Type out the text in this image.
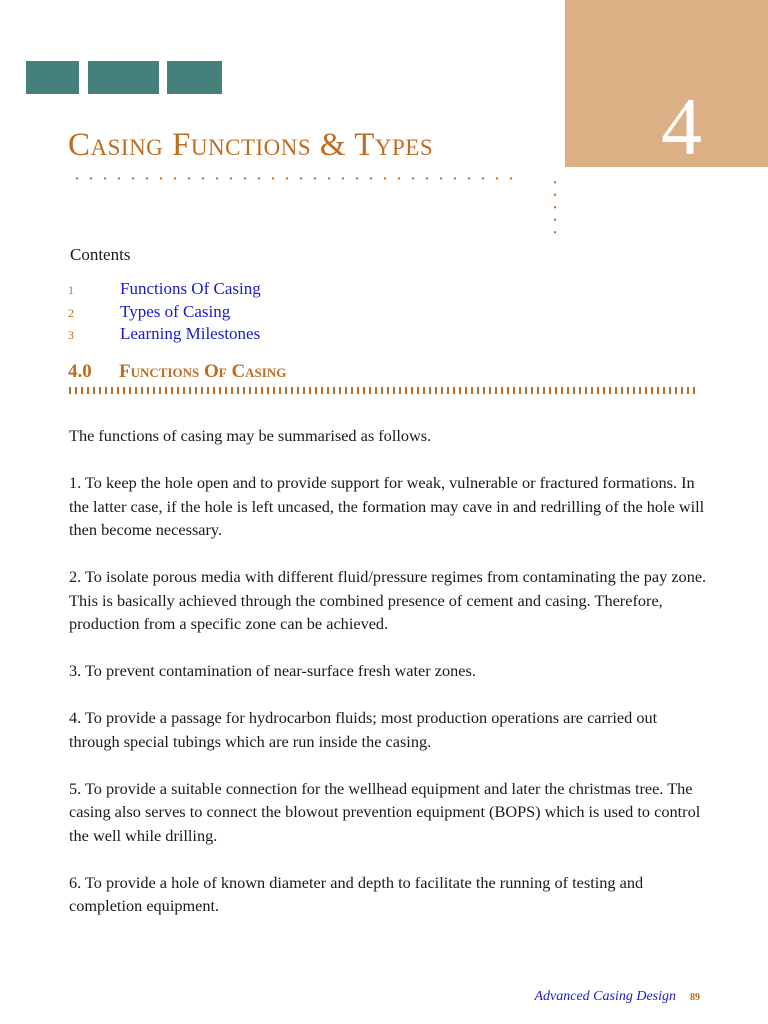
4
Casing Functions & Types
Contents
1	Functions Of Casing
2	Types of Casing
3	Learning Milestones
4.0	Functions Of Casing

The functions of casing may be summarised as follows.

1. To keep the hole open and to provide support for weak, vulnerable or fractured formations. In the latter case, if the hole is left uncased, the formation may cave in and redrilling of the hole will then become necessary.

2. To isolate porous media with different fluid/pressure regimes from contaminating the pay zone. This is basically achieved through the combined presence of cement and casing. Therefore, production from a specific zone can be achieved.

3. To prevent contamination of near-surface fresh water zones.

4. To provide a passage for hydrocarbon fluids; most production operations are carried out through special tubings which are run inside the casing.

5. To provide a suitable connection for the wellhead equipment and later the christmas tree. The casing also serves to connect the blowout prevention equipment (BOPS) which is used to control the well while drilling.

6. To provide a hole of known diameter and depth to facilitate the running of testing and completion equipment.

Advanced Casing Design 89
